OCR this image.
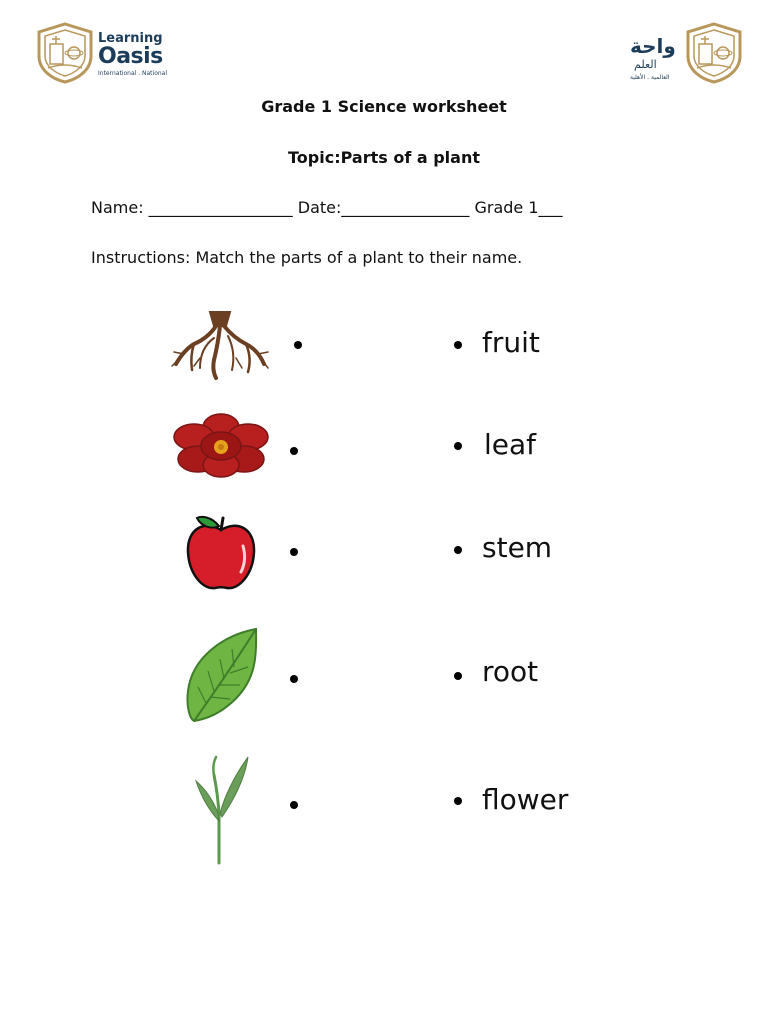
Learning
Oasis
International . National
واحة
العلم
العالمية . الأهلية
Grade 1 Science worksheet
Topic:Parts of a plant
Name: __________________ Date:________________ Grade 1___
Instructions: Match the parts of a plant to their name.
fruit
leaf
stem
root
flower
